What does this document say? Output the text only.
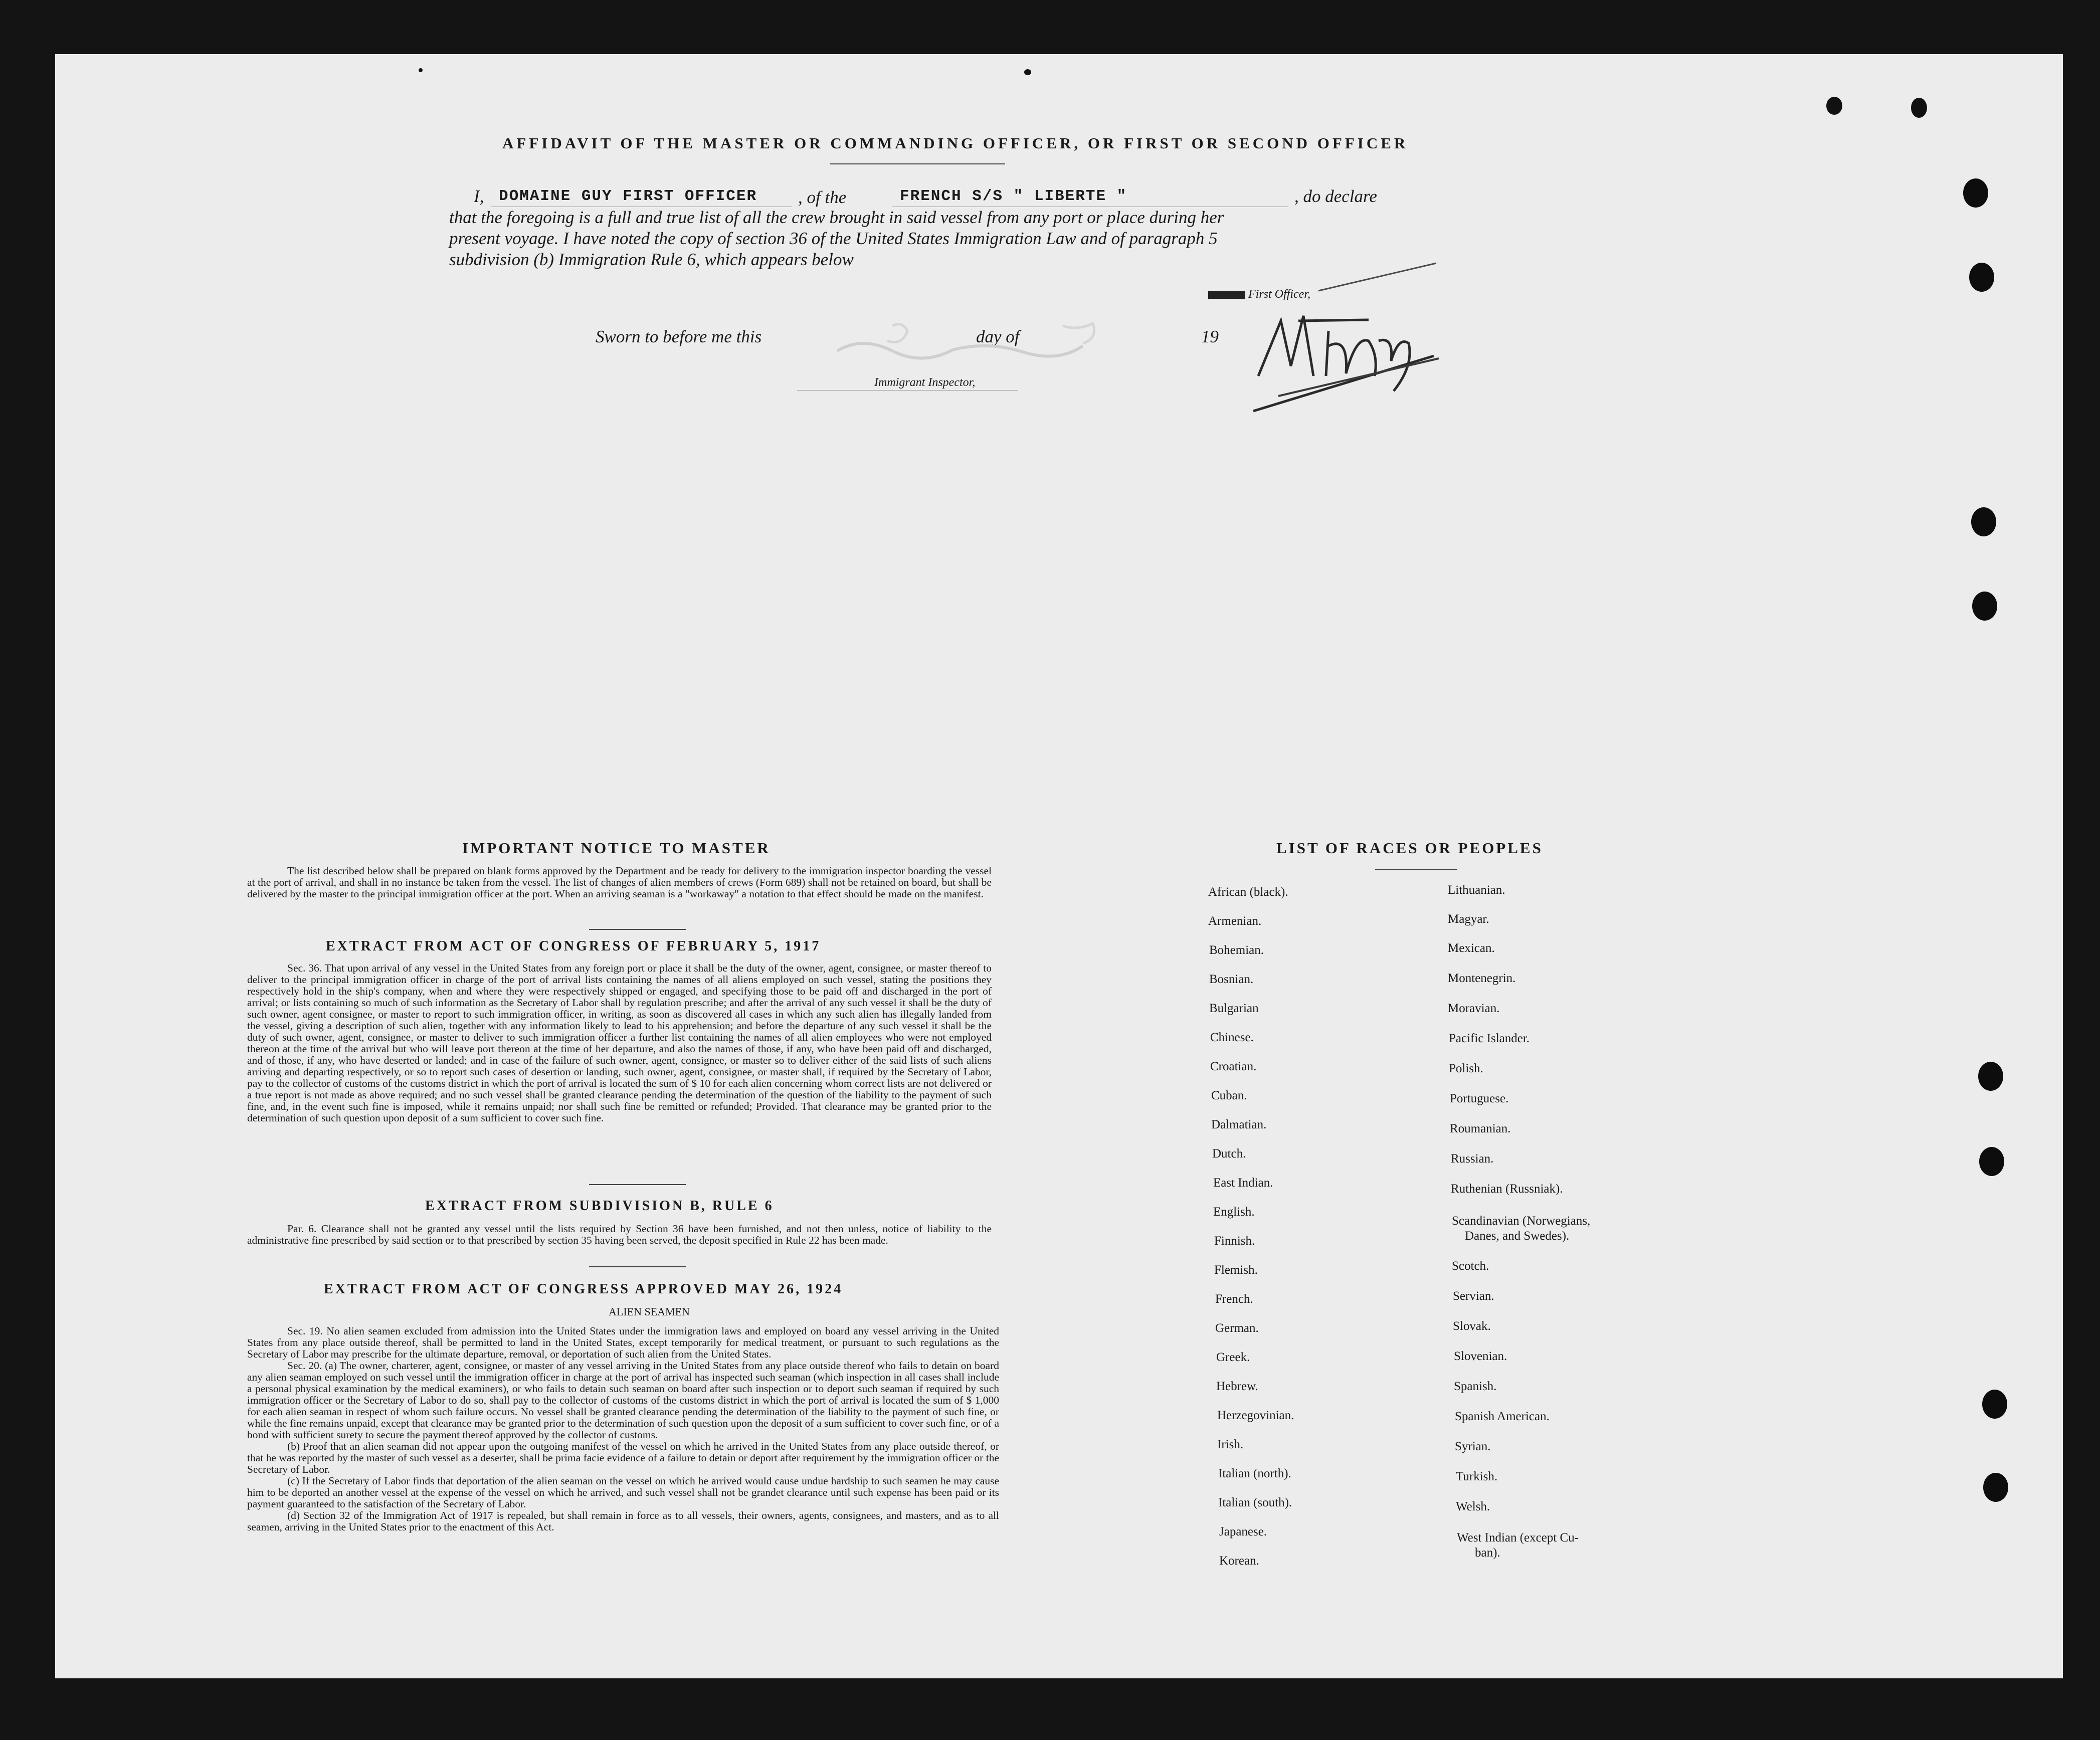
AFFIDAVIT OF THE MASTER OR COMMANDING OFFICER, OR FIRST OR SECOND OFFICER
I, DOMAINE GUY FIRST OFFICER , of the	FRENCH S/S " LIBERTE "	, do declare
that the foregoing is a full and true list of all the crew brought in said vessel from any port or place during her
present voyage. I have noted the copy of section 36 of the United States Immigration Law and of paragraph 5
subdivision (b) Immigration Rule 6, which appears below
First Officer,
Sworn to before me this	day of	19
Immigrant Inspector,
IMPORTANT NOTICE TO MASTER

The list described below shall be prepared on blank forms approved by the Department and be ready for delivery to the immigration inspector boarding the vessel at the port of arrival, and shall in no instance be taken from the vessel. The list of changes of alien members of crews (Form 689) shall not be retained on board, but shall be delivered by the master to the principal immigration officer at the port. When an arriving seaman is a "workaway" a notation to that effect should be made on the manifest.

EXTRACT FROM ACT OF CONGRESS OF FEBRUARY 5, 1917

Sec. 36. That upon arrival of any vessel in the United States from any foreign port or place it shall be the duty of the owner, agent, consignee, or master thereof to deliver to the principal immigration officer in charge of the port of arrival lists containing the names of all aliens employed on such vessel, stating the positions they respectively hold in the ship's company, when and where they were respectively shipped or engaged, and specifying those to be paid off and discharged in the port of arrival; or lists containing so much of such information as the Secretary of Labor shall by regulation prescribe; and after the arrival of any such vessel it shall be the duty of such owner, agent consignee, or master to report to such immigration officer, in writing, as soon as discovered all cases in which any such alien has illegally landed from the vessel, giving a description of such alien, together with any information likely to lead to his apprehension; and before the departure of any such vessel it shall be the duty of such owner, agent, consignee, or master to deliver to such immigration officer a further list containing the names of all alien employees who were not employed thereon at the time of the arrival but who will leave port thereon at the time of her departure, and also the names of those, if any, who have been paid off and discharged, and of those, if any, who have deserted or landed; and in case of the failure of such owner, agent, consignee, or master so to deliver either of the said lists of such aliens arriving and departing respectively, or so to report such cases of desertion or landing, such owner, agent, consignee, or master shall, if required by the Secretary of Labor, pay to the collector of customs of the customs district in which the port of arrival is located the sum of $ 10 for each alien concerning whom correct lists are not delivered or a true report is not made as above required; and no such vessel shall be granted clearance pending the determination of the question of the liability to the payment of such fine, and, in the event such fine is imposed, while it remains unpaid; nor shall such fine be remitted or refunded; Provided. That clearance may be granted prior to the determination of such question upon deposit of a sum sufficient to cover such fine.

EXTRACT FROM SUBDIVISION B, RULE 6

Par. 6. Clearance shall not be granted any vessel until the lists required by Section 36 have been furnished, and not then unless, notice of liability to the administrative fine prescribed by said section or to that prescribed by section 35 having been served, the deposit specified in Rule 22 has been made.

EXTRACT FROM ACT OF CONGRESS APPROVED MAY 26, 1924
ALIEN SEAMEN

Sec. 19. No alien seamen excluded from admission into the United States under the immigration laws and employed on board any vessel arriving in the United States from any place outside thereof, shall be permitted to land in the United States, except temporarily for medical treatment, or pursuant to such regulations as the Secretary of Labor may prescribe for the ultimate departure, removal, or deportation of such alien from the United States.

Sec. 20. (a) The owner, charterer, agent, consignee, or master of any vessel arriving in the United States from any place outside thereof who fails to detain on board any alien seaman employed on such vessel until the immigration officer in charge at the port of arrival has inspected such seaman (which inspection in all cases shall include a personal physical examination by the medical examiners), or who fails to detain such seaman on board after such inspection or to deport such seaman if required by such immigration officer or the Secretary of Labor to do so, shall pay to the collector of customs of the customs district in which the port of arrival is located the sum of $ 1,000 for each alien seaman in respect of whom such failure occurs. No vessel shall be granted clearance pending the determination of the liability to the payment of such fine, or while the fine remains unpaid, except that clearance may be granted prior to the determination of such question upon the deposit of a sum sufficient to cover such fine, or of a bond with sufficient surety to secure the payment thereof approved by the collector of customs.

(b) Proof that an alien seaman did not appear upon the outgoing manifest of the vessel on which he arrived in the United States from any place outside thereof, or that he was reported by the master of such vessel as a deserter, shall be prima facie evidence of a failure to detain or deport after requirement by the immigration officer or the Secretary of Labor.

(c) If the Secretary of Labor finds that deportation of the alien seaman on the vessel on which he arrived would cause undue hardship to such seamen he may cause him to be deported an another vessel at the expense of the vessel on which he arrived, and such vessel shall not be grandet clearance until such expense has been paid or its payment guaranteed to the satisfaction of the Secretary of Labor.

(d) Section 32 of the Immigration Act of 1917 is repealed, but shall remain in force as to all vessels, their owners, agents, consignees, and masters, and as to all seamen, arriving in the United States prior to the enactment of this Act.

LIST OF RACES OR PEOPLES
African (black).
Armenian.
Bohemian.
Bosnian.
Bulgarian
Chinese.
Croatian.
Cuban.
Dalmatian.
Dutch.
East Indian.
English.
Finnish.
Flemish.
French.
German.
Greek.
Hebrew.
Herzegovinian.
Irish.
Italian (north).
Italian (south).
Japanese.
Korean.
Lithuanian.
Magyar.
Mexican.
Montenegrin.
Moravian.
Pacific Islander.
Polish.
Portuguese.
Roumanian.
Russian.
Ruthenian (Russniak).
Scandinavian (Norwegians,
Danes, and Swedes).
Scotch.
Servian.
Slovak.
Slovenian.
Spanish.
Spanish American.
Syrian.
Turkish.
Welsh.
West Indian (except Cu-
ban).
